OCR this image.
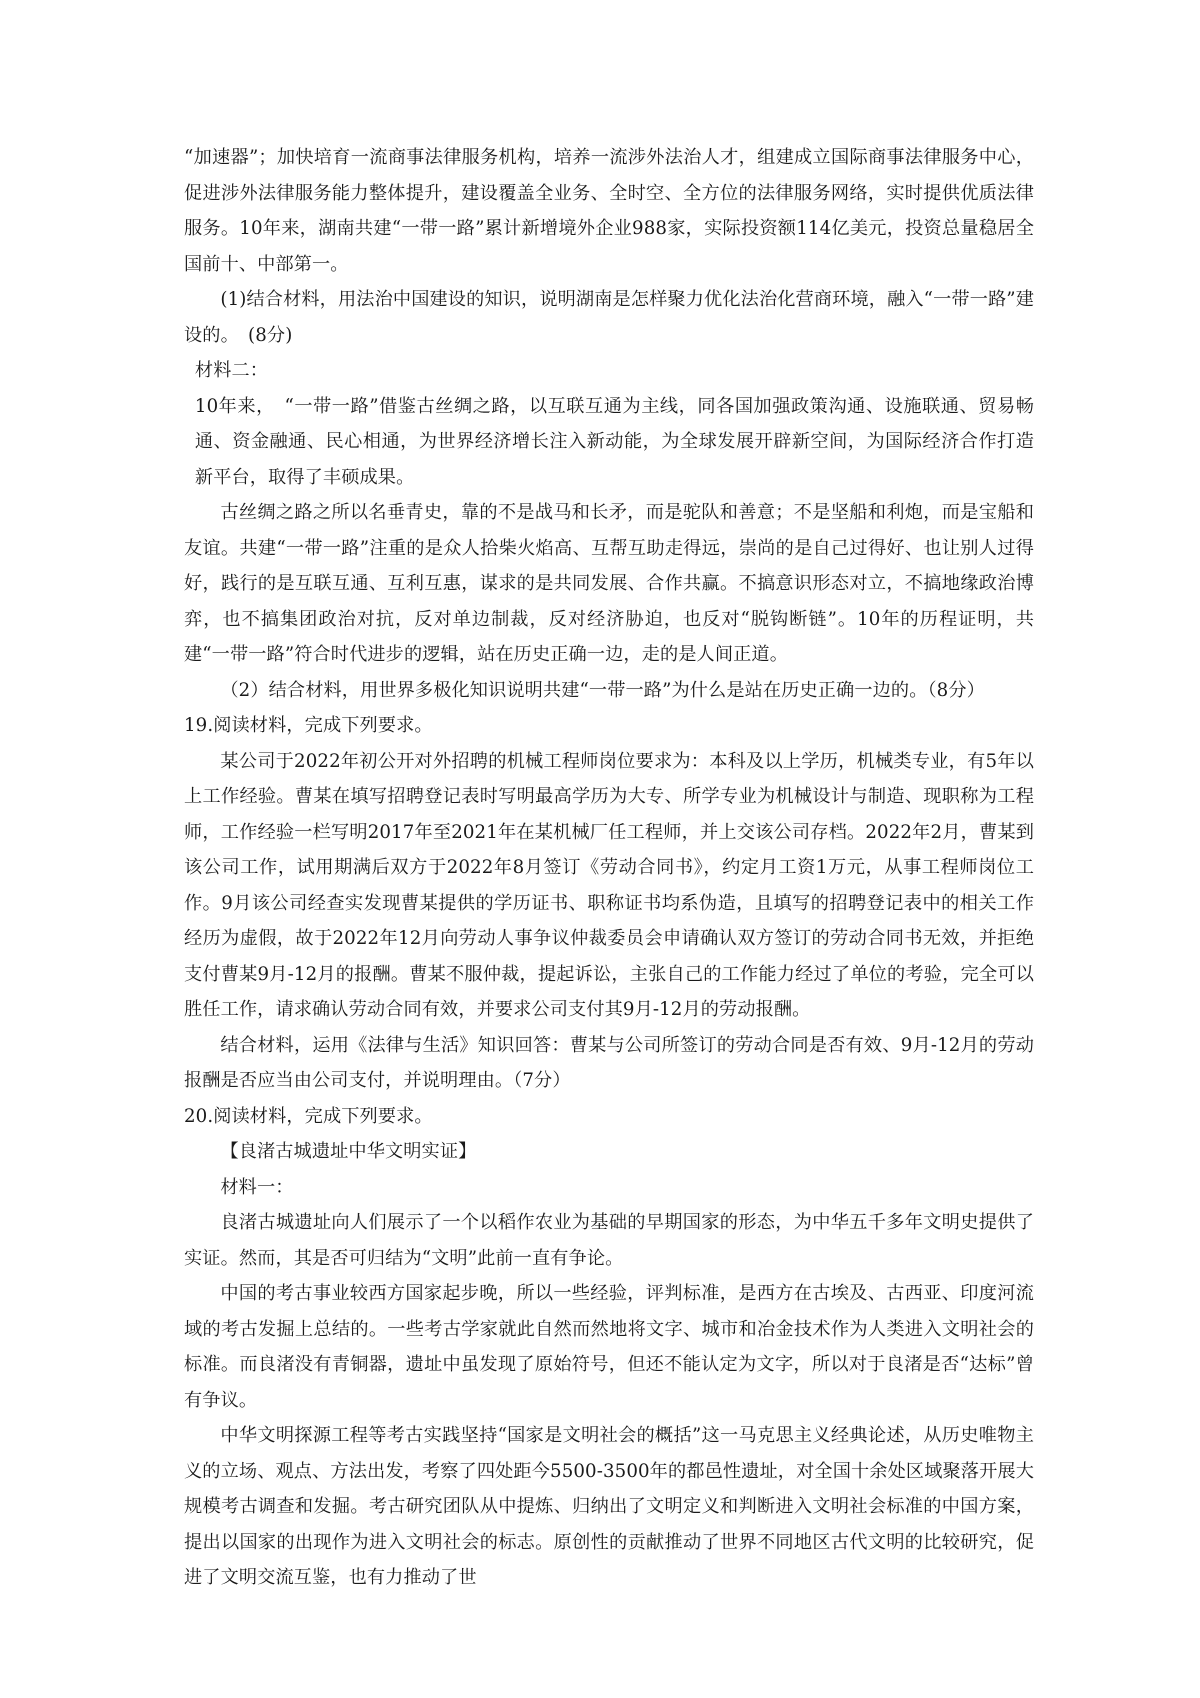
“加速器”；加快培育一流商事法律服务机构，培养一流涉外法治人才，组建成立国际商事法律服务中心，促进涉外法律服务能力整体提升，建设覆盖全业务、全时空、全方位的法律服务网络，实时提供优质法律服务。10年来，湖南共建“一带一路”累计新增境外企业988家，实际投资额114亿美元，投资总量稳居全国前十、中部第一。

(1)结合材料，用法治中国建设的知识，说明湖南是怎样聚力优化法治化营商环境，融入“一带一路”建设的。　(8分)

材料二：

10年来，　“一带一路”借鉴古丝绸之路，以互联互通为主线，同各国加强政策沟通、设施联通、贸易畅通、资金融通、民心相通，为世界经济增长注入新动能，为全球发展开辟新空间，为国际经济合作打造新平台，取得了丰硕成果。

古丝绸之路之所以名垂青史，靠的不是战马和长矛，而是驼队和善意；不是坚船和利炮，而是宝船和友谊。共建“一带一路”注重的是众人拾柴火焰高、互帮互助走得远，崇尚的是自己过得好、也让别人过得好，践行的是互联互通、互利互惠，谋求的是共同发展、合作共赢。不搞意识形态对立，不搞地缘政治博弈，也不搞集团政治对抗，反对单边制裁，反对经济胁迫，也反对“脱钩断链”。10年的历程证明，共建“一带一路”符合时代进步的逻辑，站在历史正确一边，走的是人间正道。

（2）结合材料，用世界多极化知识说明共建“一带一路”为什么是站在历史正确一边的。（8分）

19.阅读材料，完成下列要求。

某公司于2022年初公开对外招聘的机械工程师岗位要求为：本科及以上学历，机械类专业，有5年以上工作经验。曹某在填写招聘登记表时写明最高学历为大专、所学专业为机械设计与制造、现职称为工程师，工作经验一栏写明2017年至2021年在某机械厂任工程师，并上交该公司存档。2022年2月，曹某到该公司工作，试用期满后双方于2022年8月签订《劳动合同书》，约定月工资1万元，从事工程师岗位工作。9月该公司经查实发现曹某提供的学历证书、职称证书均系伪造，且填写的招聘登记表中的相关工作经历为虚假，故于2022年12月向劳动人事争议仲裁委员会申请确认双方签订的劳动合同书无效，并拒绝支付曹某9月-12月的报酬。曹某不服仲裁，提起诉讼，主张自己的工作能力经过了单位的考验，完全可以胜任工作，请求确认劳动合同有效，并要求公司支付其9月-12月的劳动报酬。

结合材料，运用《法律与生活》知识回答：曹某与公司所签订的劳动合同是否有效、9月-12月的劳动报酬是否应当由公司支付，并说明理由。（7分）

20.阅读材料，完成下列要求。

【良渚古城遗址中华文明实证】

材料一：

良渚古城遗址向人们展示了一个以稻作农业为基础的早期国家的形态，为中华五千多年文明史提供了实证。然而，其是否可归结为“文明”此前一直有争论。

中国的考古事业较西方国家起步晚，所以一些经验，评判标准，是西方在古埃及、古西亚、印度河流域的考古发掘上总结的。一些考古学家就此自然而然地将文字、城市和冶金技术作为人类进入文明社会的标准。而良渚没有青铜器，遗址中虽发现了原始符号，但还不能认定为文字，所以对于良渚是否“达标”曾有争议。

中华文明探源工程等考古实践坚持“国家是文明社会的概括”这一马克思主义经典论述，从历史唯物主义的立场、观点、方法出发，考察了四处距今5500-3500年的都邑性遗址，对全国十余处区域聚落开展大规模考古调查和发掘。考古研究团队从中提炼、归纳出了文明定义和判断进入文明社会标准的中国方案，提出以国家的出现作为进入文明社会的标志。原创性的贡献推动了世界不同地区古代文明的比较研究，促进了文明交流互鉴，也有力推动了世
